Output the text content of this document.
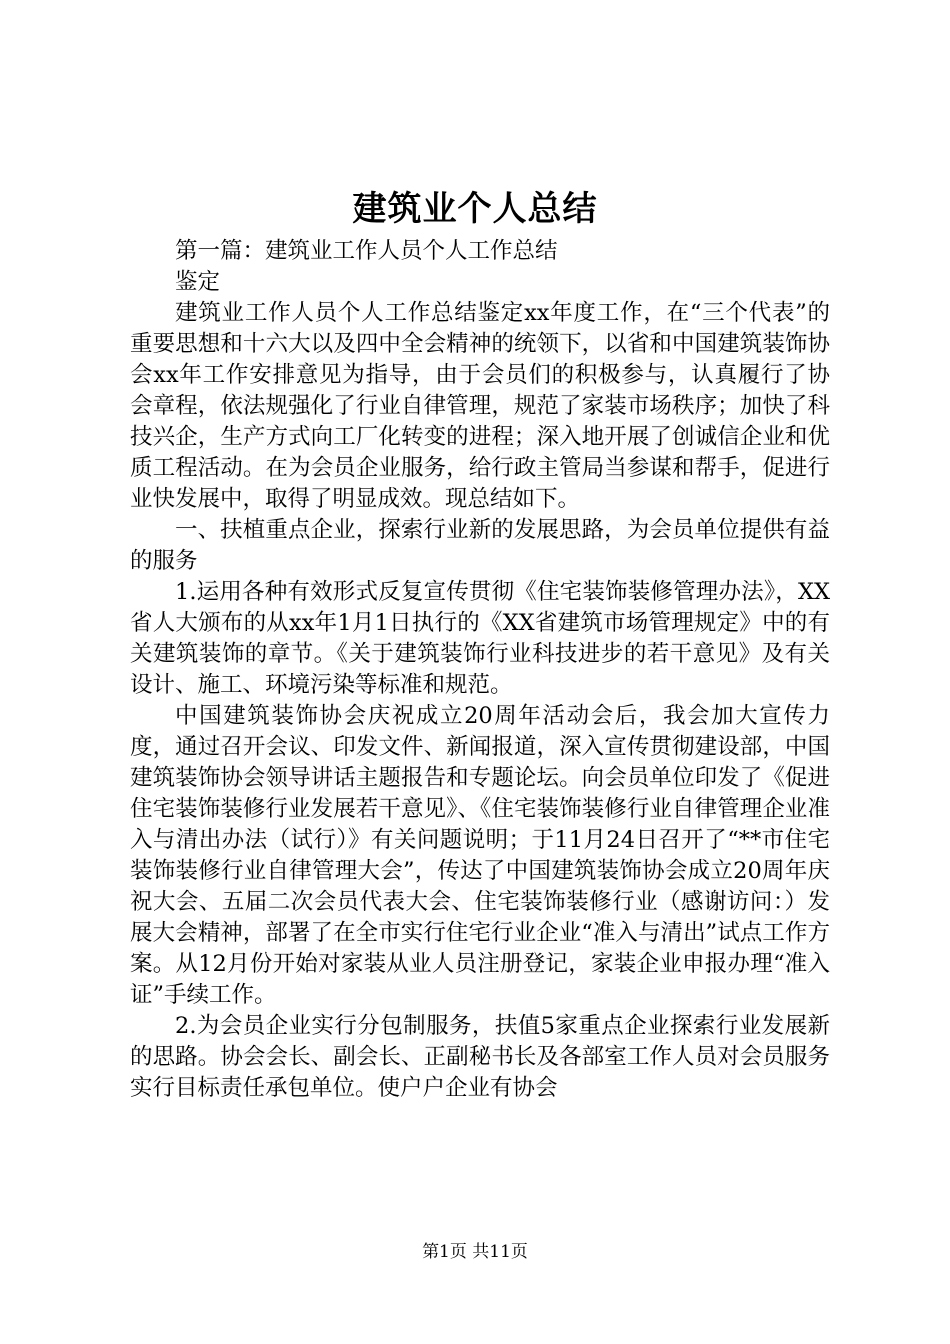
建筑业个人总结

第一篇：建筑业工作人员个人工作总结

鉴定

建筑业工作人员个人工作总结鉴定xx年度工作，在“三个代表”的重要思想和十六大以及四中全会精神的统领下，以省和中国建筑装饰协会xx年工作安排意见为指导，由于会员们的积极参与，认真履行了协会章程，依法规强化了行业自律管理，规范了家装市场秩序；加快了科技兴企，生产方式向工厂化转变的进程；深入地开展了创诚信企业和优质工程活动。在为会员企业服务，给行政主管局当参谋和帮手，促进行业快发展中，取得了明显成效。现总结如下。

一、扶植重点企业，探索行业新的发展思路，为会员单位提供有益的服务

1.运用各种有效形式反复宣传贯彻《住宅装饰装修管理办法》，XX省人大颁布的从xx年1月1日执行的《XX省建筑市场管理规定》中的有关建筑装饰的章节。《关于建筑装饰行业科技进步的若干意见》及有关设计、施工、环境污染等标准和规范。

中国建筑装饰协会庆祝成立20周年活动会后，我会加大宣传力度，通过召开会议、印发文件、新闻报道，深入宣传贯彻建设部，中国建筑装饰协会领导讲话主题报告和专题论坛。向会员单位印发了《促进住宅装饰装修行业发展若干意见》、《住宅装饰装修行业自律管理企业准入与清出办法（试行）》有关问题说明；于11月24日召开了“**市住宅装饰装修行业自律管理大会”，传达了中国建筑装饰协会成立20周年庆祝大会、五届二次会员代表大会、住宅装饰装修行业（感谢访问：）发展大会精神，部署了在全市实行住宅行业企业“准入与清出”试点工作方案。从12月份开始对家装从业人员注册登记，家装企业申报办理“准入证”手续工作。

2.为会员企业实行分包制服务，扶值5家重点企业探索行业发展新的思路。协会会长、副会长、正副秘书长及各部室工作人员对会员服务实行目标责任承包单位。使户户企业有协会

第1页 共11页
